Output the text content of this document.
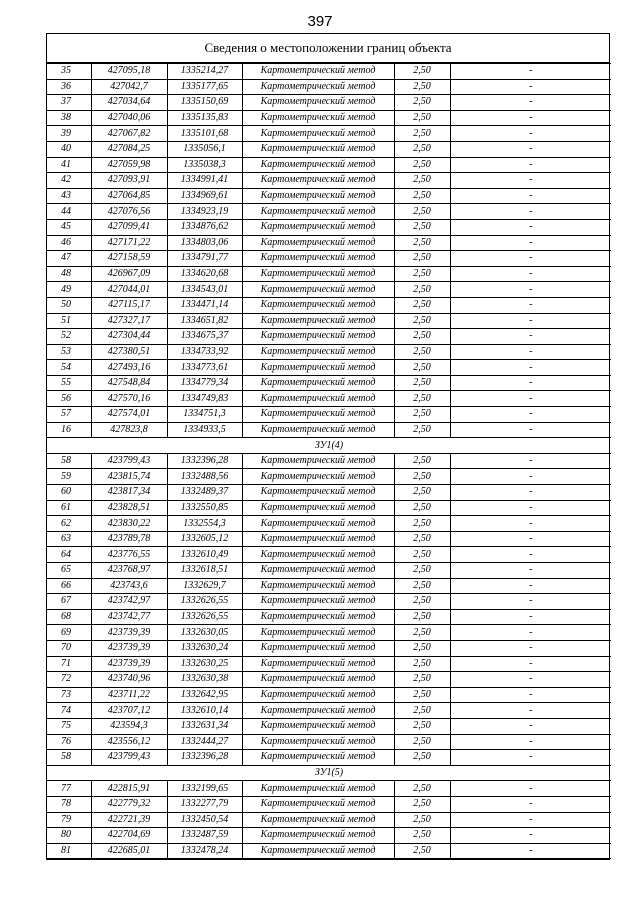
397
Сведения о местоположении границ объекта
35	427095,18	1335214,27	Картометрический метод	2,50	-
36	427042,7	1335177,65	Картометрический метод	2,50	-
37	427034,64	1335150,69	Картометрический метод	2,50	-
38	427040,06	1335135,83	Картометрический метод	2,50	-
39	427067,82	1335101,68	Картометрический метод	2,50	-
40	427084,25	1335056,1	Картометрический метод	2,50	-
41	427059,98	1335038,3	Картометрический метод	2,50	-
42	427093,91	1334991,41	Картометрический метод	2,50	-
43	427064,85	1334969,61	Картометрический метод	2,50	-
44	427076,56	1334923,19	Картометрический метод	2,50	-
45	427099,41	1334876,62	Картометрический метод	2,50	-
46	427171,22	1334803,06	Картометрический метод	2,50	-
47	427158,59	1334791,77	Картометрический метод	2,50	-
48	426967,09	1334620,68	Картометрический метод	2,50	-
49	427044,01	1334543,01	Картометрический метод	2,50	-
50	427115,17	1334471,14	Картометрический метод	2,50	-
51	427327,17	1334651,82	Картометрический метод	2,50	-
52	427304,44	1334675,37	Картометрический метод	2,50	-
53	427380,51	1334733,92	Картометрический метод	2,50	-
54	427493,16	1334773,61	Картометрический метод	2,50	-
55	427548,84	1334779,34	Картометрический метод	2,50	-
56	427570,16	1334749,83	Картометрический метод	2,50	-
57	427574,01	1334751,3	Картометрический метод	2,50	-
16	427823,8	1334933,5	Картометрический метод	2,50	-
ЗУ1(4)					
58	423799,43	1332396,28	Картометрический метод	2,50	-
59	423815,74	1332488,56	Картометрический метод	2,50	-
60	423817,34	1332489,37	Картометрический метод	2,50	-
61	423828,51	1332550,85	Картометрический метод	2,50	-
62	423830,22	1332554,3	Картометрический метод	2,50	-
63	423789,78	1332605,12	Картометрический метод	2,50	-
64	423776,55	1332610,49	Картометрический метод	2,50	-
65	423768,97	1332618,51	Картометрический метод	2,50	-
66	423743,6	1332629,7	Картометрический метод	2,50	-
67	423742,97	1332626,55	Картометрический метод	2,50	-
68	423742,77	1332626,55	Картометрический метод	2,50	-
69	423739,39	1332630,05	Картометрический метод	2,50	-
70	423739,39	1332630,24	Картометрический метод	2,50	-
71	423739,39	1332630,25	Картометрический метод	2,50	-
72	423740,96	1332630,38	Картометрический метод	2,50	-
73	423711,22	1332642,95	Картометрический метод	2,50	-
74	423707,12	1332610,14	Картометрический метод	2,50	-
75	423594,3	1332631,34	Картометрический метод	2,50	-
76	423556,12	1332444,27	Картометрический метод	2,50	-
58	423799,43	1332396,28	Картометрический метод	2,50	-
ЗУ1(5)					
77	422815,91	1332199,65	Картометрический метод	2,50	-
78	422779,32	1332277,79	Картометрический метод	2,50	-
79	422721,39	1332450,54	Картометрический метод	2,50	-
80	422704,69	1332487,59	Картометрический метод	2,50	-
81	422685,01	1332478,24	Картометрический метод	2,50	-
